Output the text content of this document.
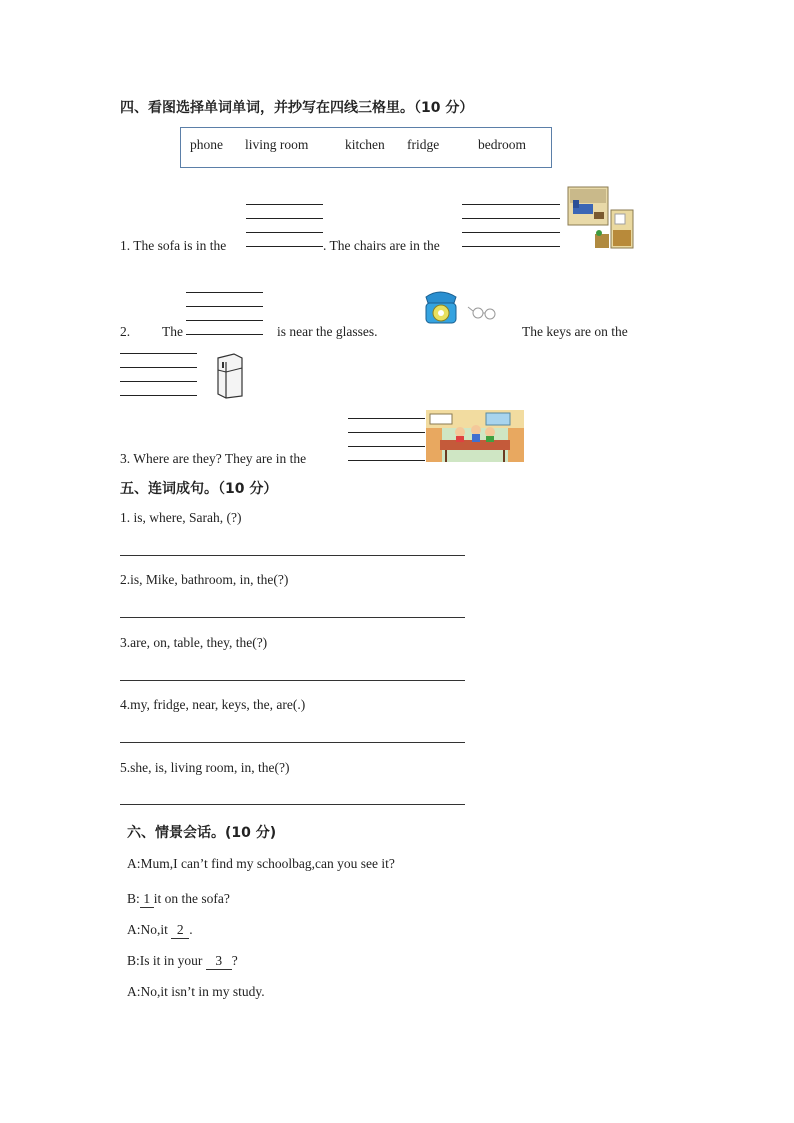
四、看图选择单词单词，并抄写在四线三格里。（10 分）
phone living room	kitchen fridge	bedroom
1. The sofa is in the	. The chairs are in the
2. The	is near the glasses.	The keys are on the
3. Where are they? They are in the
五、连词成句。（10 分）
1. is, where, Sarah, (?)
2.is, Mike, bathroom, in, the(?)
3.are, on, table, they, the(?)
4.my, fridge, near, keys, the, are(.)
5.she, is, living room, in, the(?)
六、情景会话。(10 分)
A:Mum,I can’t find my schoolbag,can you see it?
B: 1 it on the sofa?
A:No,it 2 .
B:Is it in your 3 ?
A:No,it isn’t in my study.
